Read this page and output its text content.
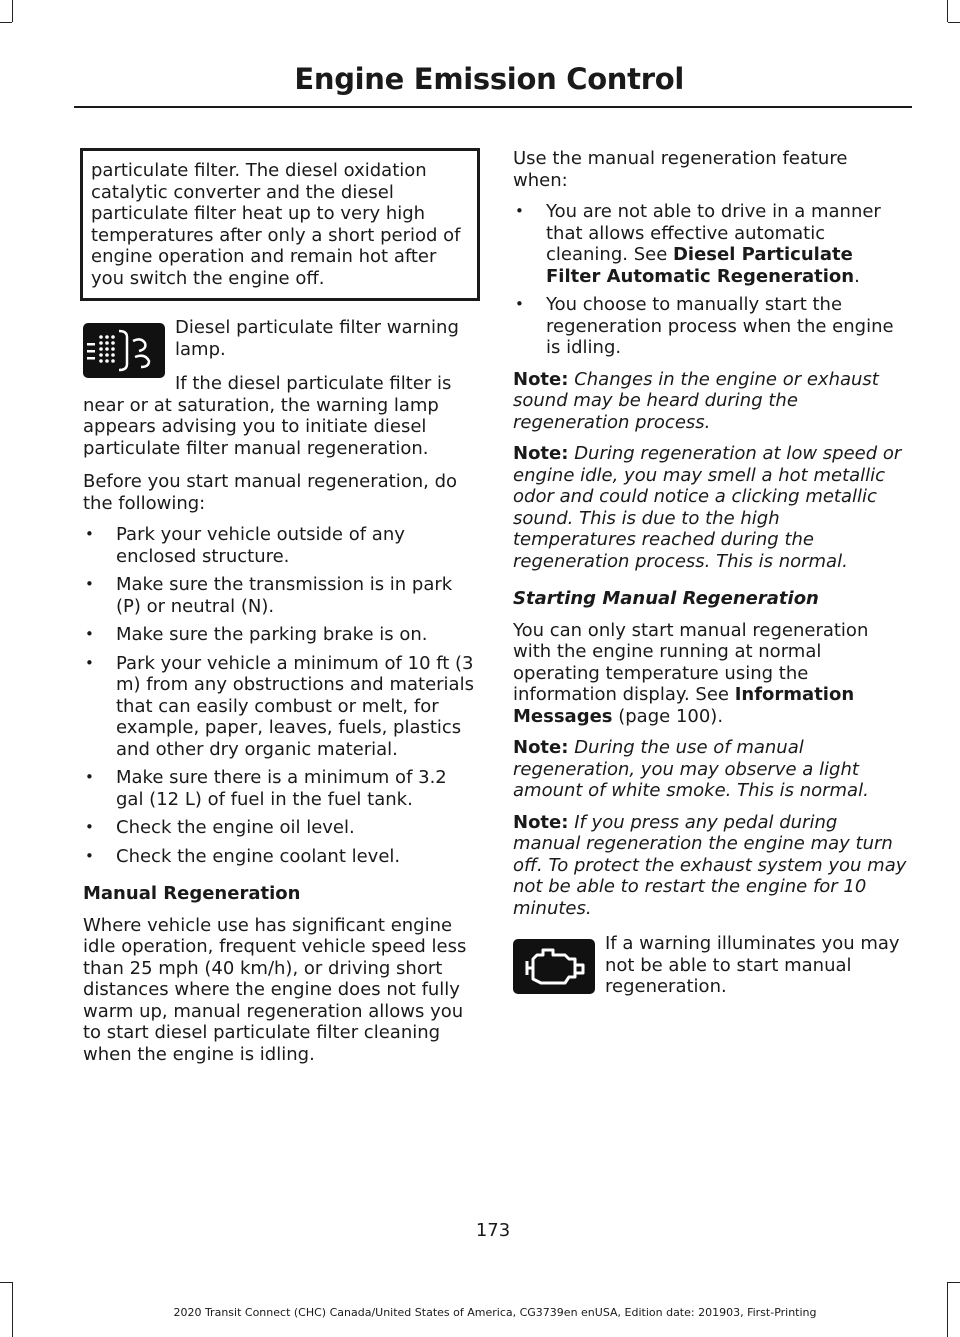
Engine Emission Control

particulate filter. The diesel oxidation catalytic converter and the diesel particulate filter heat up to very high temperatures after only a short period of engine operation and remain hot after you switch the engine off.

Diesel particulate filter warning lamp.

If the diesel particulate filter is near or at saturation, the warning lamp appears advising you to initiate diesel particulate filter manual regeneration.

Before you start manual regeneration, do the following:

• Park your vehicle outside of any enclosed structure.
• Make sure the transmission is in park (P) or neutral (N).
• Make sure the parking brake is on.
• Park your vehicle a minimum of 10 ft (3 m) from any obstructions and materials that can easily combust or melt, for example, paper, leaves, fuels, plastics and other dry organic material.
• Make sure there is a minimum of 3.2 gal (12 L) of fuel in the fuel tank.
• Check the engine oil level.
• Check the engine coolant level.

Manual Regeneration

Where vehicle use has significant engine idle operation, frequent vehicle speed less than 25 mph (40 km/h), or driving short distances where the engine does not fully warm up, manual regeneration allows you to start diesel particulate filter cleaning when the engine is idling.

Use the manual regeneration feature when:

• You are not able to drive in a manner that allows effective automatic cleaning. See Diesel Particulate Filter Automatic Regeneration.
• You choose to manually start the regeneration process when the engine is idling.

Note: Changes in the engine or exhaust sound may be heard during the regeneration process.

Note: During regeneration at low speed or engine idle, you may smell a hot metallic odor and could notice a clicking metallic sound. This is due to the high temperatures reached during the regeneration process. This is normal.

Starting Manual Regeneration

You can only start manual regeneration with the engine running at normal operating temperature using the information display. See Information Messages (page 100).

Note: During the use of manual regeneration, you may observe a light amount of white smoke. This is normal.

Note: If you press any pedal during manual regeneration the engine may turn off. To protect the exhaust system you may not be able to restart the engine for 10 minutes.

If a warning illuminates you may not be able to start manual regeneration.

173
2020 Transit Connect (CHC) Canada/United States of America, CG3739en enUSA, Edition date: 201903, First-Printing
